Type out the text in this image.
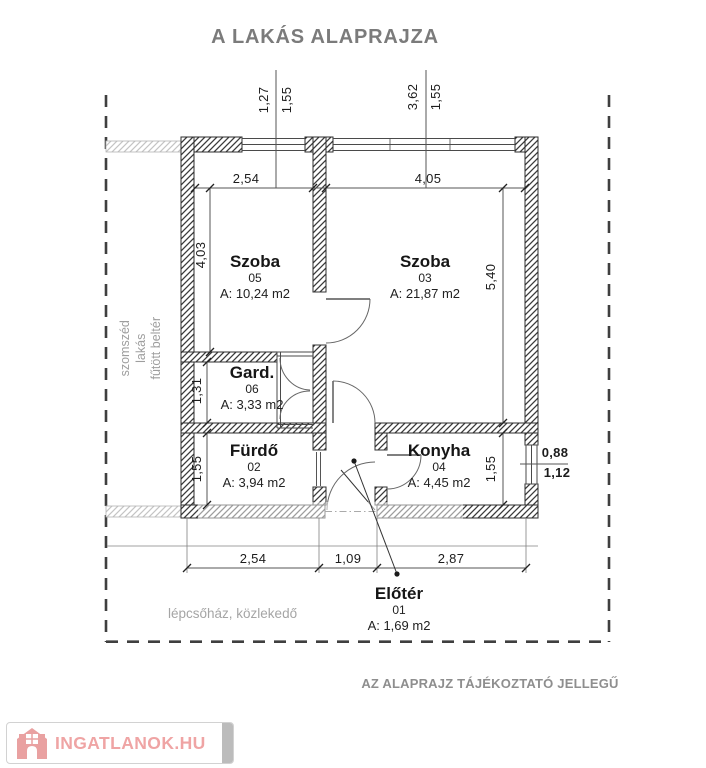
A LAKÁS ALAPRAJZA
Szoba
05
A: 10,24 m2
Szoba
03
A: 21,87 m2
Gard.
06
A: 3,33 m2
Fürdő
02
A: 3,94 m2
Konyha
04
A: 4,45 m2
Előtér
01
A: 1,69 m2
1,27 1,55	3,62 1,55
2,54	4,05
4,03
5,40
1,31
1,55	1,55
0,88
1,12
2,54	1,09	2,87
szomszéd lakás fűtött beltér
lépcsőház, közlekedő
AZ ALAPRAJZ TÁJÉKOZTATÓ JELLEGŰ
INGATLANOK.HU
